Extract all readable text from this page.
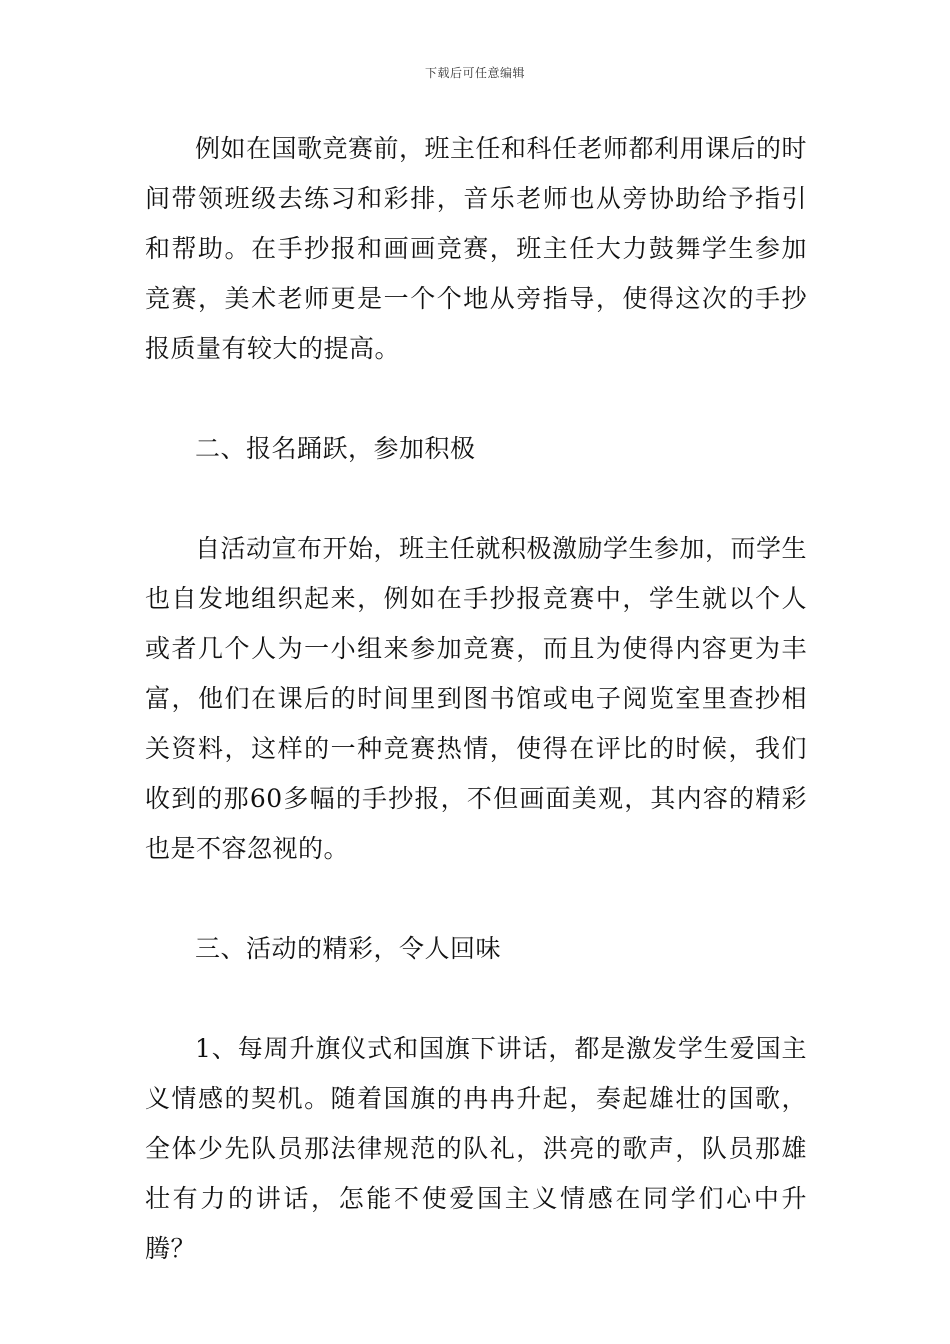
下载后可任意编辑

例如在国歌竞赛前，班主任和科任老师都利用课后的时间带领班级去练习和彩排，音乐老师也从旁协助给予指引和帮助。在手抄报和画画竞赛，班主任大力鼓舞学生参加竞赛，美术老师更是一个个地从旁指导，使得这次的手抄报质量有较大的提高。

二、报名踊跃，参加积极

自活动宣布开始，班主任就积极激励学生参加，而学生也自发地组织起来，例如在手抄报竞赛中，学生就以个人或者几个人为一小组来参加竞赛，而且为使得内容更为丰富，他们在课后的时间里到图书馆或电子阅览室里查抄相关资料，这样的一种竞赛热情，使得在评比的时候，我们收到的那60多幅的手抄报，不但画面美观，其内容的精彩也是不容忽视的。

三、活动的精彩，令人回味

1、每周升旗仪式和国旗下讲话，都是激发学生爱国主义情感的契机。随着国旗的冉冉升起，奏起雄壮的国歌，全体少先队员那法律规范的队礼，洪亮的歌声，队员那雄壮有力的讲话，怎能不使爱国主义情感在同学们心中升腾？
